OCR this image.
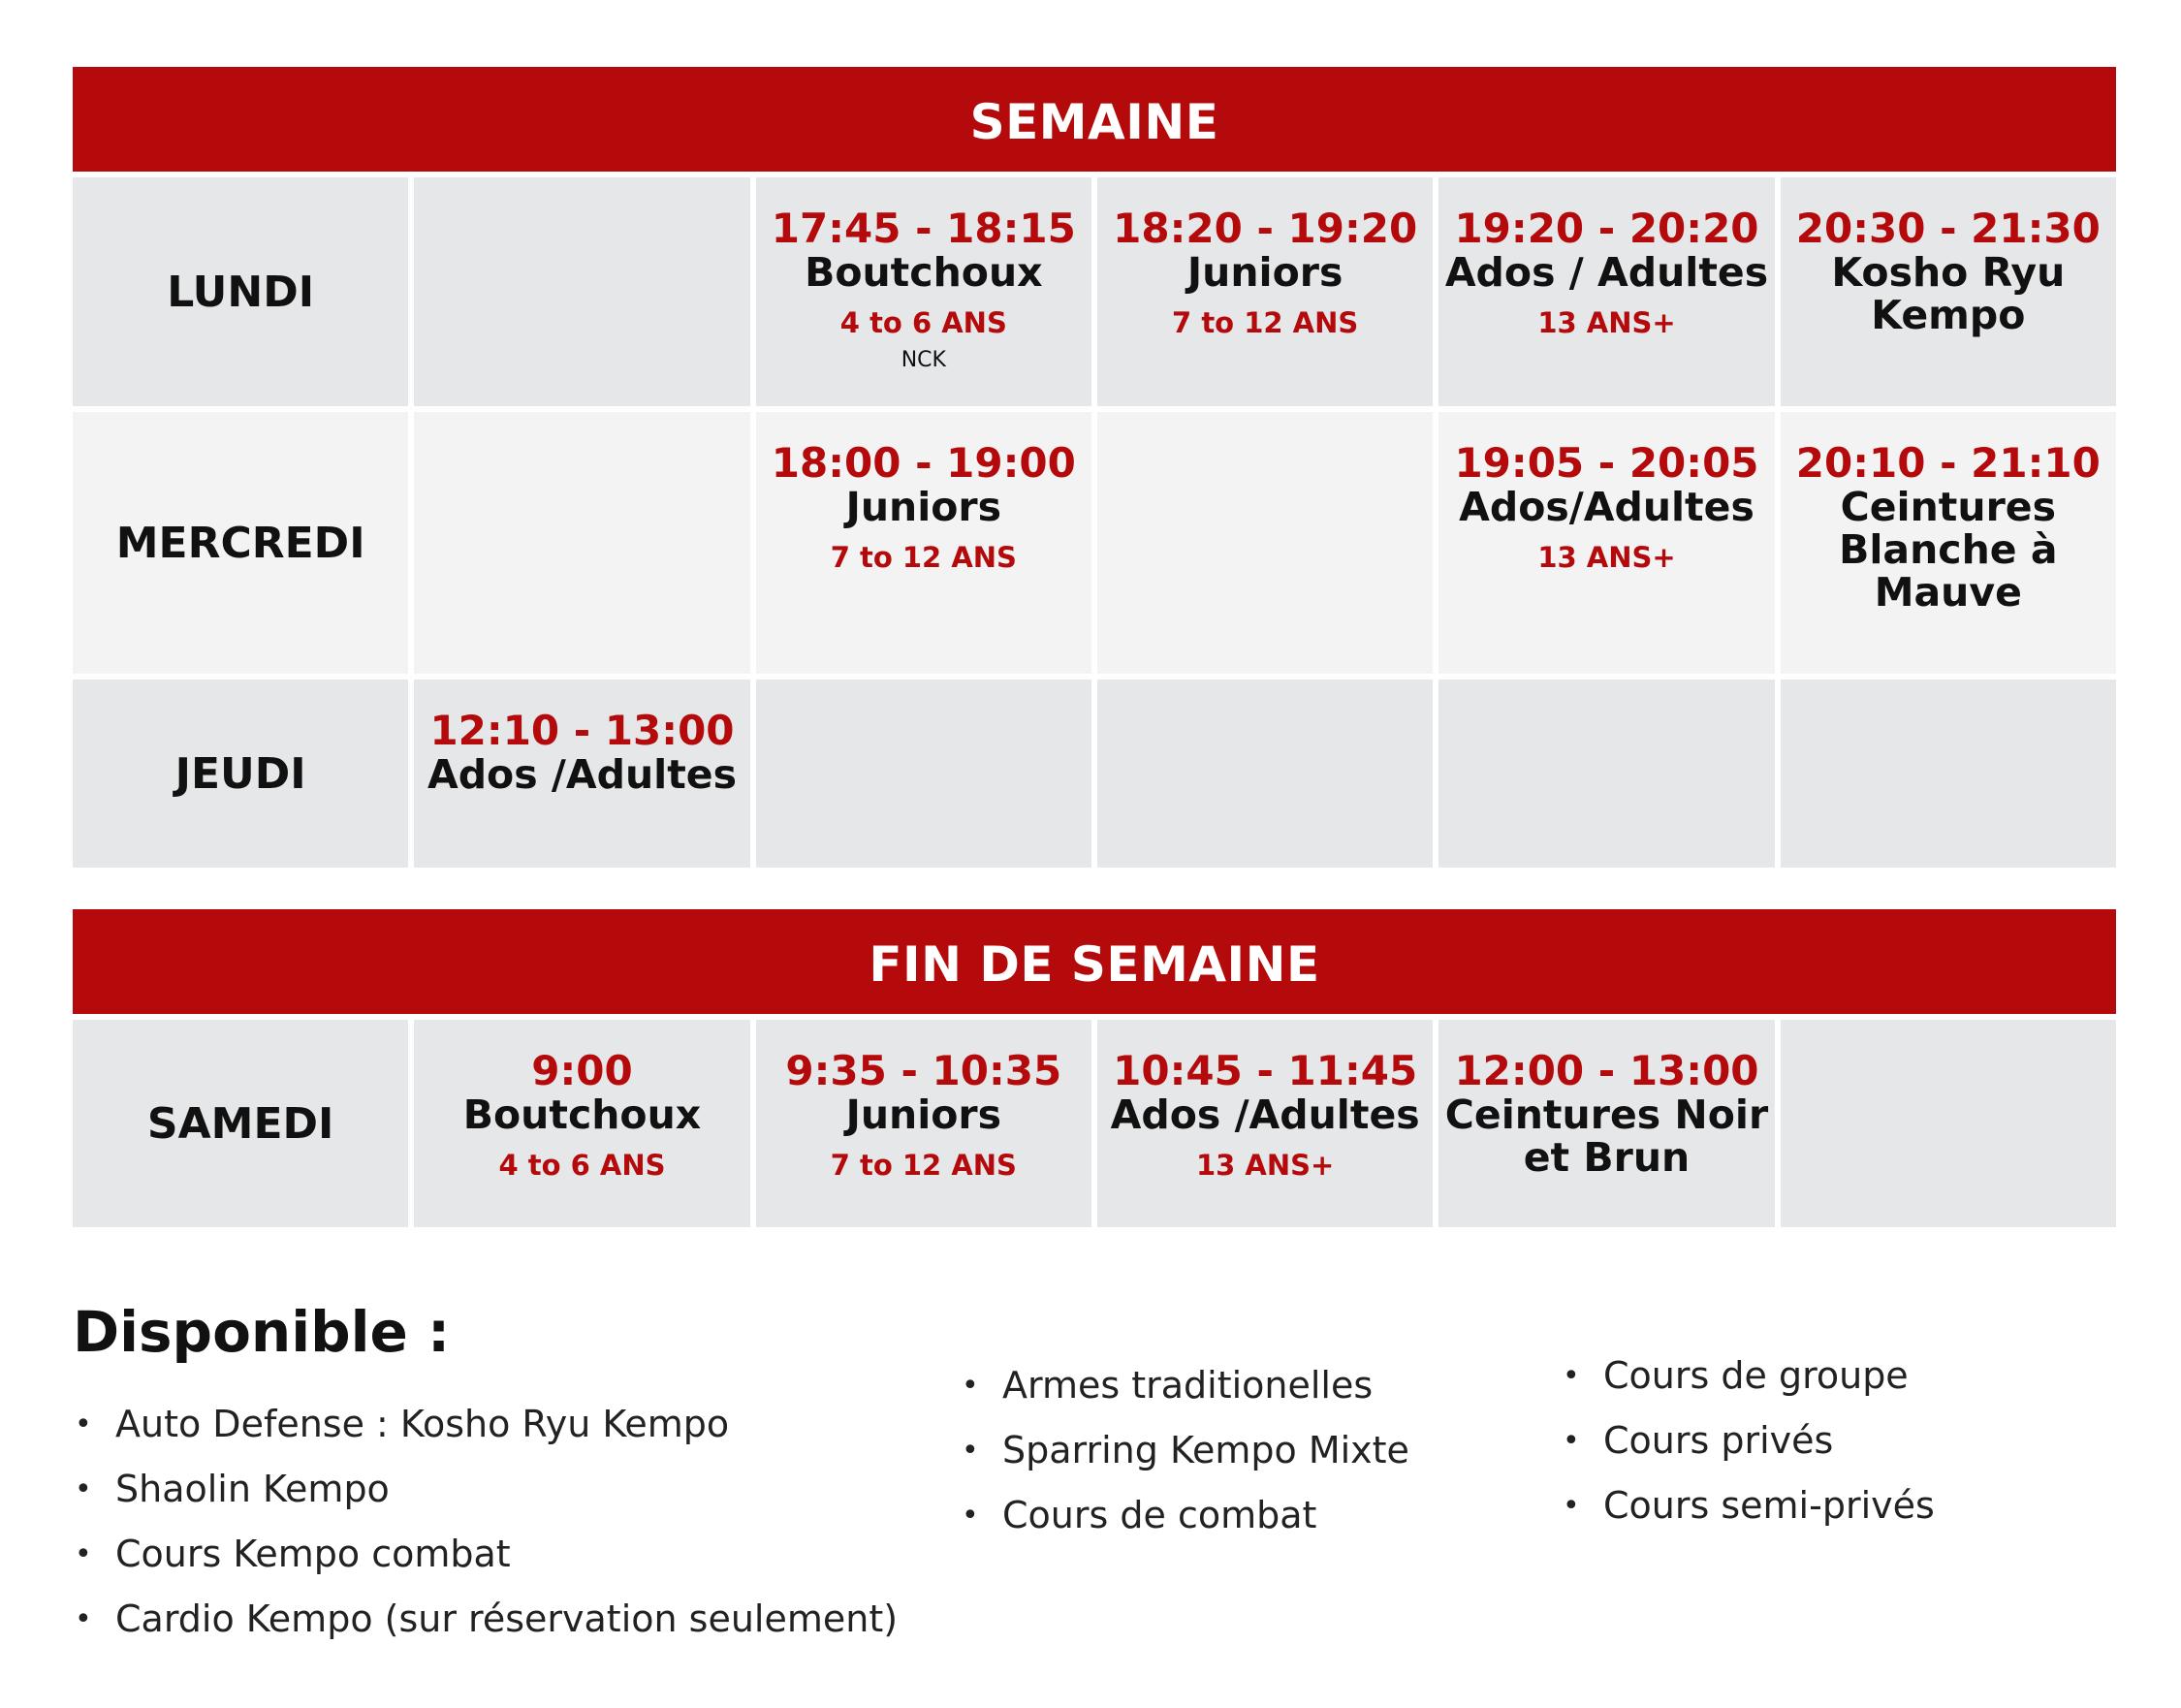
SEMAINE
LUNDI
17:45 - 18:15
Boutchoux
4 to 6 ANS
NCK
18:20 - 19:20
Juniors
7 to 12 ANS
19:20 - 20:20
Ados / Adultes
13 ANS+
20:30 - 21:30
Kosho Ryu Kempo
MERCREDI
18:00 - 19:00
Juniors
7 to 12 ANS
19:05 - 20:05
Ados/Adultes
13 ANS+
20:10 - 21:10
Ceintures Blanche à Mauve
JEUDI
12:10 - 13:00
Ados /Adultes
FIN DE SEMAINE
SAMEDI
9:00
Boutchoux
4 to 6 ANS
9:35 - 10:35
Juniors
7 to 12 ANS
10:45 - 11:45
Ados /Adultes
13 ANS+
12:00 - 13:00
Ceintures Noir et Brun
Disponible :
• Auto Defense : Kosho Ryu Kempo
• Shaolin Kempo
• Cours Kempo combat
• Cardio Kempo (sur réservation seulement)
• Armes traditionelles
• Sparring Kempo Mixte
• Cours de combat
• Cours de groupe
• Cours privés
• Cours semi-privés
